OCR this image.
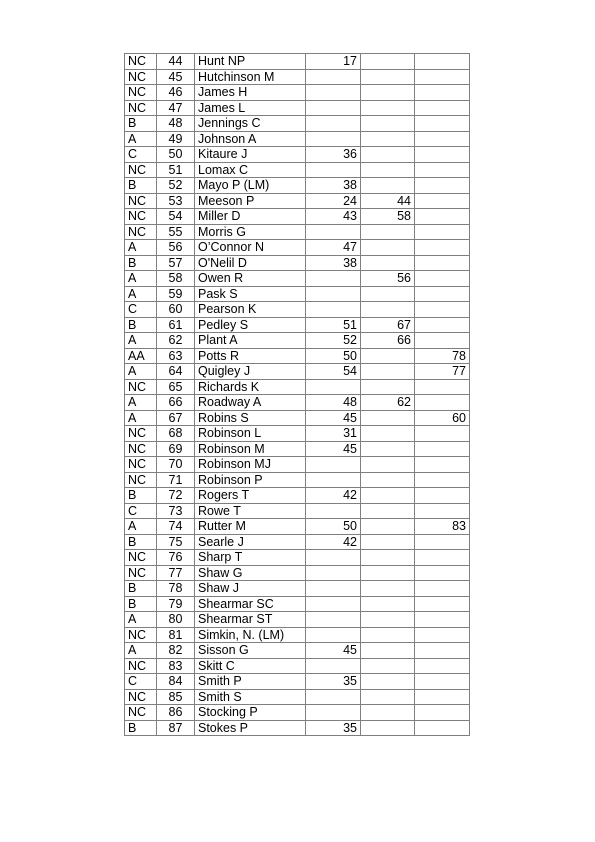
NC	44	Hunt NP	17		
NC	45	Hutchinson M			
NC	46	James H			
NC	47	James L			
B	48	Jennings C			
A	49	Johnson A			
C	50	Kitaure J	36		
NC	51	Lomax C			
B	52	Mayo P (LM)	38		
NC	53	Meeson P	24	44	
NC	54	Miller D	43	58	
NC	55	Morris G			
A	56	O’Connor N	47		
B	57	O'Nelil D	38		
A	58	Owen R		56	
A	59	Pask S			
C	60	Pearson K			
B	61	Pedley S	51	67	
A	62	Plant A	52	66	
AA	63	Potts R	50		78
A	64	Quigley J	54		77
NC	65	Richards K			
A	66	Roadway A	48	62	
A	67	Robins S	45		60
NC	68	Robinson L	31		
NC	69	Robinson M	45		
NC	70	Robinson MJ			
NC	71	Robinson P			
B	72	Rogers T	42		
C	73	Rowe T			
A	74	Rutter M	50		83
B	75	Searle J	42		
NC	76	Sharp T			
NC	77	Shaw G			
B	78	Shaw J			
B	79	Shearmar SC			
A	80	Shearmar ST			
NC	81	Simkin, N. (LM)			
A	82	Sisson G	45		
NC	83	Skitt C			
C	84	Smith P	35		
NC	85	Smith S			
NC	86	Stocking P			
B	87	Stokes P	35		
